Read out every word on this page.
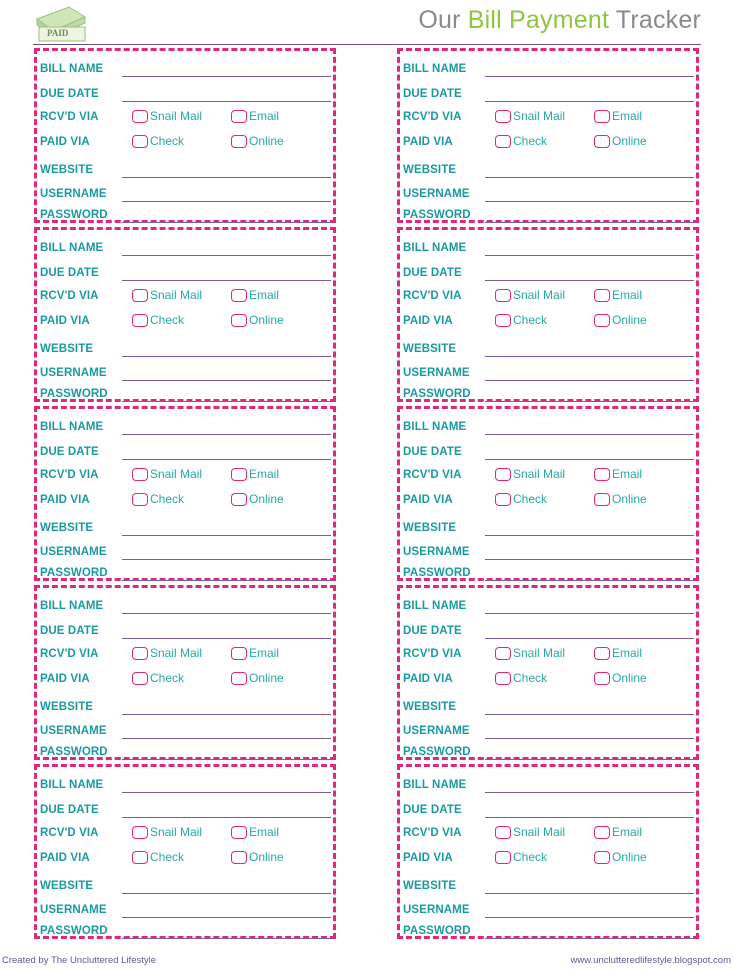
PAID	Our Bill Payment Tracker
BILL NAME
DUE DATE
RCV'D VIA	Snail Mail	Email
PAID VIA	Check	Online
WEBSITE
USERNAME
PASSWORD
BILL NAME
DUE DATE
RCV'D VIA	Snail Mail	Email
PAID VIA	Check	Online
WEBSITE
USERNAME
PASSWORD
BILL NAME
DUE DATE
RCV'D VIA	Snail Mail	Email
PAID VIA	Check	Online
WEBSITE
USERNAME
PASSWORD
BILL NAME
DUE DATE
RCV'D VIA	Snail Mail	Email
PAID VIA	Check	Online
WEBSITE
USERNAME
PASSWORD
BILL NAME
DUE DATE
RCV'D VIA	Snail Mail	Email
PAID VIA	Check	Online
WEBSITE
USERNAME
PASSWORD
BILL NAME
DUE DATE
RCV'D VIA	Snail Mail	Email
PAID VIA	Check	Online
WEBSITE
USERNAME
PASSWORD
BILL NAME
DUE DATE
RCV'D VIA	Snail Mail	Email
PAID VIA	Check	Online
WEBSITE
USERNAME
PASSWORD
BILL NAME
DUE DATE
RCV'D VIA	Snail Mail	Email
PAID VIA	Check	Online
WEBSITE
USERNAME
PASSWORD
BILL NAME
DUE DATE
RCV'D VIA	Snail Mail	Email
PAID VIA	Check	Online
WEBSITE
USERNAME
PASSWORD
BILL NAME
DUE DATE
RCV'D VIA	Snail Mail	Email
PAID VIA	Check	Online
WEBSITE
USERNAME
PASSWORD
Created by The Uncluttered Lifestyle	www.unclutteredlifestyle.blogspot.com
